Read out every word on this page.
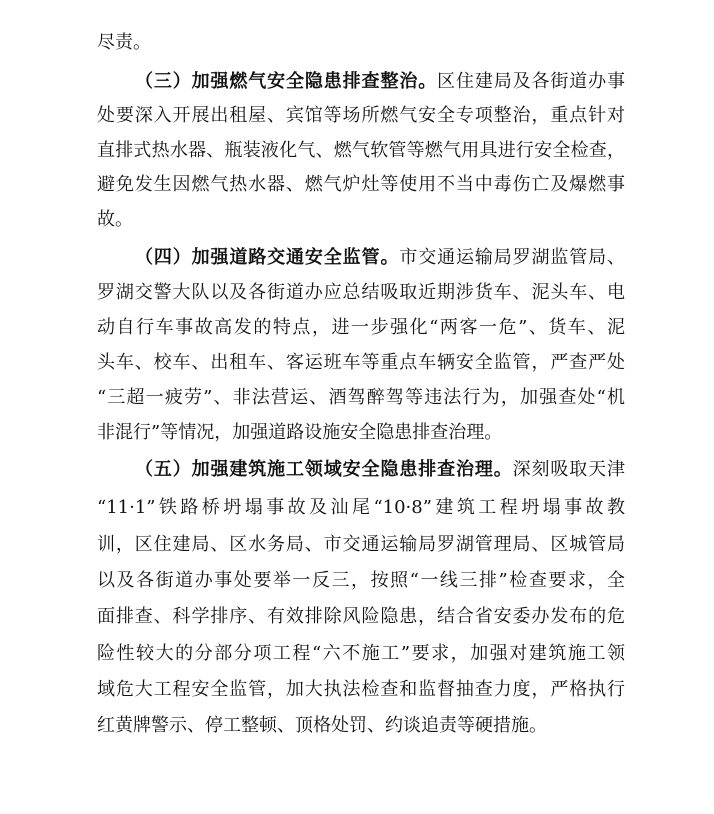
尽责。
（三）加强燃气安全隐患排查整治。区住建局及各街道办事
处要深入开展出租屋、宾馆等场所燃气安全专项整治，重点针对
直排式热水器、瓶装液化气、燃气软管等燃气用具进行安全检查，
避免发生因燃气热水器、燃气炉灶等使用不当中毒伤亡及爆燃事
故。
（四）加强道路交通安全监管。市交通运输局罗湖监管局、
罗湖交警大队以及各街道办应总结吸取近期涉货车、泥头车、电
动自行车事故高发的特点，进一步强化“两客一危”、货车、泥
头车、校车、出租车、客运班车等重点车辆安全监管，严查严处
“三超一疲劳”、非法营运、酒驾醉驾等违法行为，加强查处“机
非混行”等情况，加强道路设施安全隐患排查治理。
（五）加强建筑施工领域安全隐患排查治理。深刻吸取天津
“11·1”铁路桥坍塌事故及汕尾“10·8”建筑工程坍塌事故教
训，区住建局、区水务局、市交通运输局罗湖管理局、区城管局
以及各街道办事处要举一反三，按照“一线三排”检查要求，全
面排查、科学排序、有效排除风险隐患，结合省安委办发布的危
险性较大的分部分项工程“六不施工”要求，加强对建筑施工领
域危大工程安全监管，加大执法检查和监督抽查力度，严格执行
红黄牌警示、停工整顿、顶格处罚、约谈追责等硬措施。
